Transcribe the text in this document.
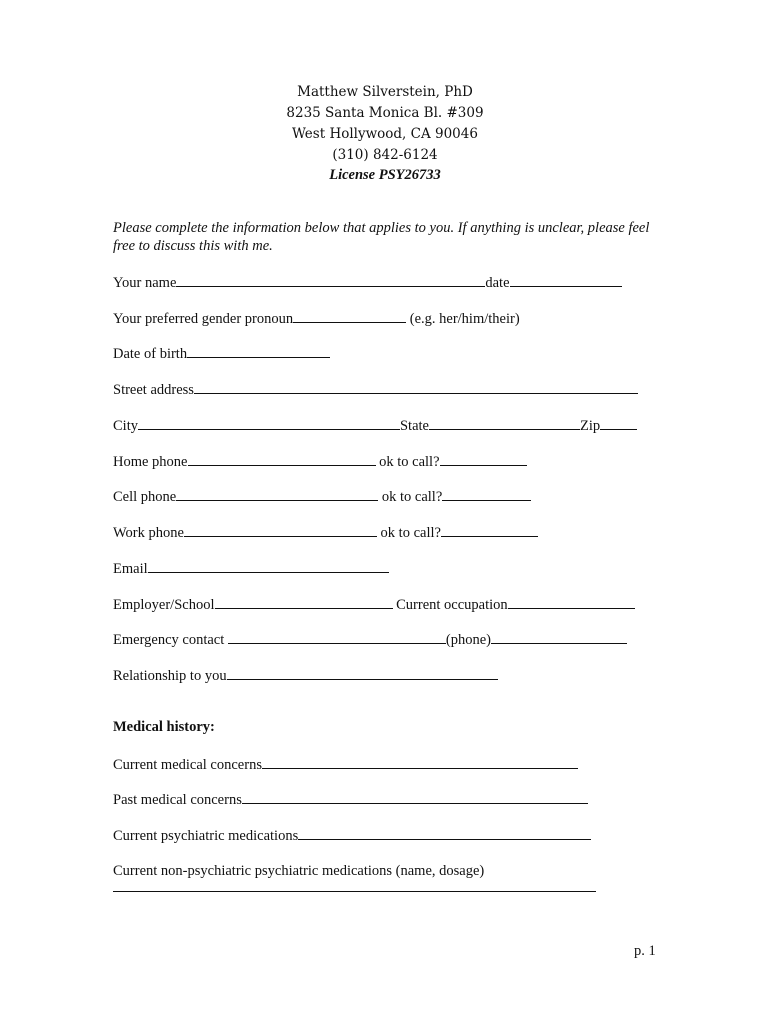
Matthew Silverstein, PhD
8235 Santa Monica Bl. #309
West Hollywood, CA 90046
(310) 842-6124
License PSY26733
Please complete the information below that applies to you. If anything is unclear, please feel free to discuss this with me.
Your name	date
Your preferred gender pronoun	(e.g. her/him/their)
Date of birth
Street address
City	State	Zip
Home phone	ok to call?
Cell phone	ok to call?
Work phone	ok to call?
Email
Employer/School	Current occupation
Emergency contact	(phone)
Relationship to you
Medical history:
Current medical concerns
Past medical concerns
Current psychiatric medications
Current non-psychiatric psychiatric medications (name, dosage)
p. 1
